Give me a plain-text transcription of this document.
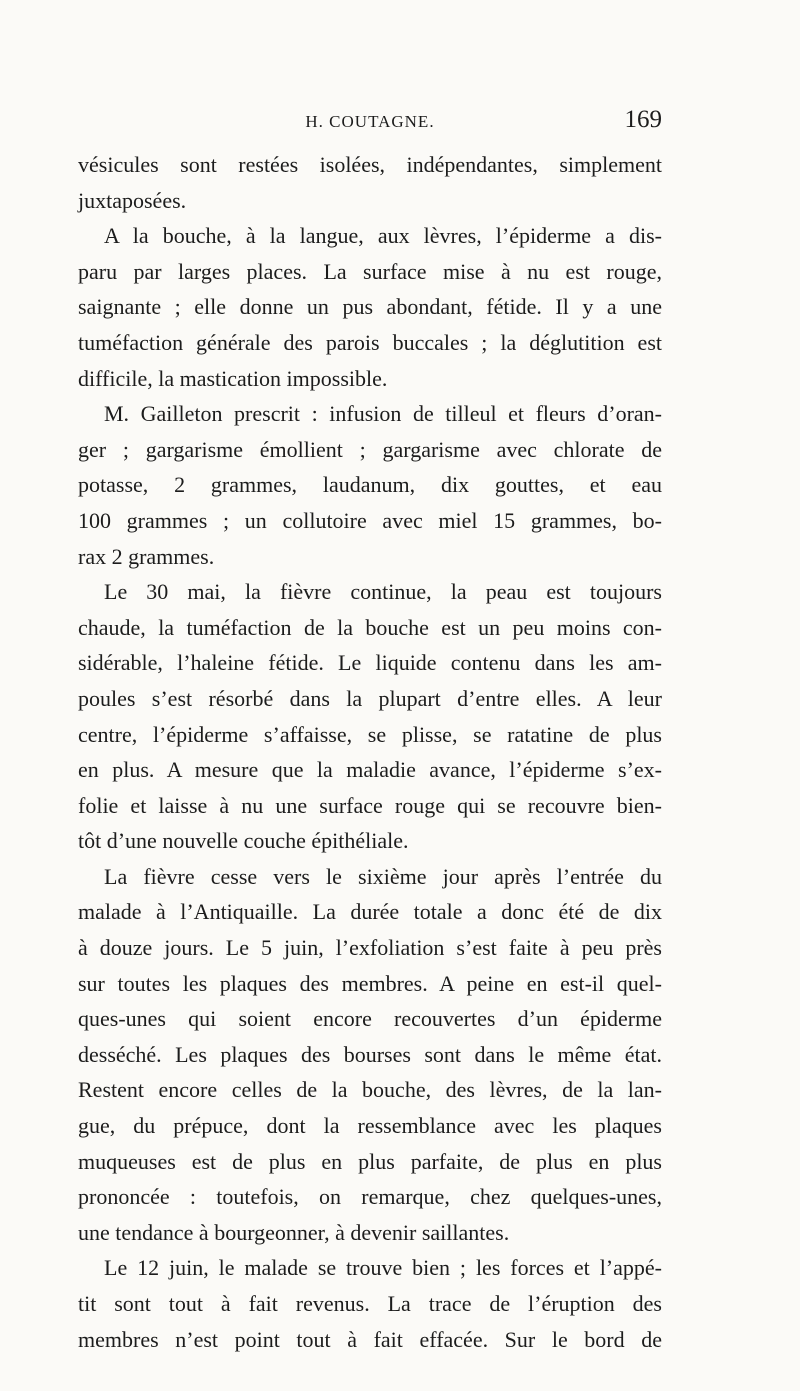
H. COUTAGNE.	169
vésicules sont restées isolées, indépendantes, simplement
juxtaposées.
A la bouche, à la langue, aux lèvres, l’épiderme a dis-
paru par larges places. La surface mise à nu est rouge,
saignante ; elle donne un pus abondant, fétide. Il y a une
tuméfaction générale des parois buccales ; la déglutition est
difficile, la mastication impossible.
M. Gailleton prescrit : infusion de tilleul et fleurs d’oran-
ger ; gargarisme émollient ; gargarisme avec chlorate de
potasse, 2 grammes, laudanum, dix gouttes, et eau
100 grammes ; un collutoire avec miel 15 grammes, bo-
rax 2 grammes.
Le 30 mai, la fièvre continue, la peau est toujours
chaude, la tuméfaction de la bouche est un peu moins con-
sidérable, l’haleine fétide. Le liquide contenu dans les am-
poules s’est résorbé dans la plupart d’entre elles. A leur
centre, l’épiderme s’affaisse, se plisse, se ratatine de plus
en plus. A mesure que la maladie avance, l’épiderme s’ex-
folie et laisse à nu une surface rouge qui se recouvre bien-
tôt d’une nouvelle couche épithéliale.
La fièvre cesse vers le sixième jour après l’entrée du
malade à l’Antiquaille. La durée totale a donc été de dix
à douze jours. Le 5 juin, l’exfoliation s’est faite à peu près
sur toutes les plaques des membres. A peine en est-il quel-
ques-unes qui soient encore recouvertes d’un épiderme
desséché. Les plaques des bourses sont dans le même état.
Restent encore celles de la bouche, des lèvres, de la lan-
gue, du prépuce, dont la ressemblance avec les plaques
muqueuses est de plus en plus parfaite, de plus en plus
prononcée : toutefois, on remarque, chez quelques-unes,
une tendance à bourgeonner, à devenir saillantes.
Le 12 juin, le malade se trouve bien ; les forces et l’appé-
tit sont tout à fait revenus. La trace de l’éruption des
membres n’est point tout à fait effacée. Sur le bord de
